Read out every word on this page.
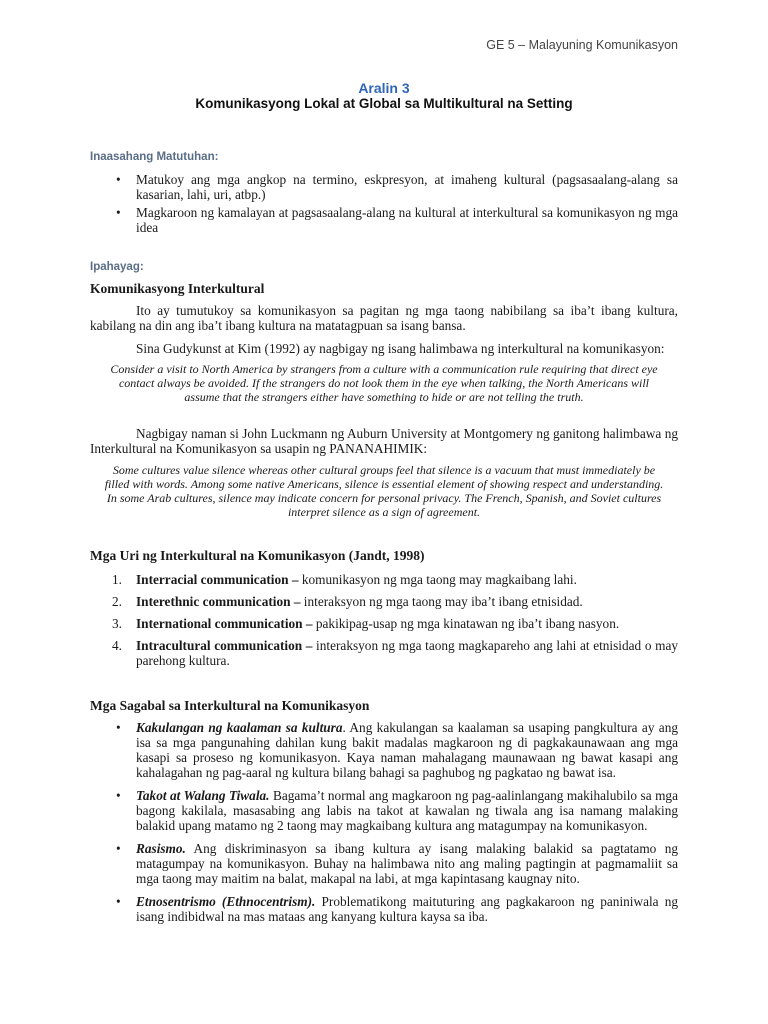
GE 5 – Malayuning Komunikasyon
Aralin 3
Komunikasyong Lokal at Global sa Multikultural na Setting
Inaasahang Matutuhan:
• Matukoy ang mga angkop na termino, eskpresyon, at imaheng kultural (pagsasaalang-alang sa kasarian, lahi, uri, atbp.)
• Magkaroon ng kamalayan at pagsasaalang-alang na kultural at interkultural sa komunikasyon ng mga idea
Ipahayag:
Komunikasyong Interkultural
Ito ay tumutukoy sa komunikasyon sa pagitan ng mga taong nabibilang sa iba’t ibang kultura, kabilang na din ang iba’t ibang kultura na matatagpuan sa isang bansa.
Sina Gudykunst at Kim (1992) ay nagbigay ng isang halimbawa ng interkultural na komunikasyon:
Consider a visit to North America by strangers from a culture with a communication rule requiring that direct eye contact always be avoided. If the strangers do not look them in the eye when talking, the North Americans will assume that the strangers either have something to hide or are not telling the truth.
Nagbigay naman si John Luckmann ng Auburn University at Montgomery ng ganitong halimbawa ng Interkultural na Komunikasyon sa usapin ng PANANAHIMIK:
Some cultures value silence whereas other cultural groups feel that silence is a vacuum that must immediately be filled with words. Among some native Americans, silence is essential element of showing respect and understanding. In some Arab cultures, silence may indicate concern for personal privacy. The French, Spanish, and Soviet cultures interpret silence as a sign of agreement.
Mga Uri ng Interkultural na Komunikasyon (Jandt, 1998)
1. Interracial communication – komunikasyon ng mga taong may magkaibang lahi.
2. Interethnic communication – interaksyon ng mga taong may iba’t ibang etnisidad.
3. International communication – pakikipag-usap ng mga kinatawan ng iba’t ibang nasyon.
4. Intracultural communication – interaksyon ng mga taong magkapareho ang lahi at etnisidad o may parehong kultura.
Mga Sagabal sa Interkultural na Komunikasyon
• Kakulangan ng kaalaman sa kultura. Ang kakulangan sa kaalaman sa usaping pangkultura ay ang isa sa mga pangunahing dahilan kung bakit madalas magkaroon ng di pagkakaunawaan ang mga kasapi sa proseso ng komunikasyon. Kaya naman mahalagang maunawaan ng bawat kasapi ang kahalagahan ng pag-aaral ng kultura bilang bahagi sa paghubog ng pagkatao ng bawat isa.
• Takot at Walang Tiwala. Bagama’t normal ang magkaroon ng pag-aalinlangang makihalubilo sa mga bagong kakilala, masasabing ang labis na takot at kawalan ng tiwala ang isa namang malaking balakid upang matamo ng 2 taong may magkaibang kultura ang matagumpay na komunikasyon.
• Rasismo. Ang diskriminasyon sa ibang kultura ay isang malaking balakid sa pagtatamo ng matagumpay na komunikasyon. Buhay na halimbawa nito ang maling pagtingin at pagmamaliit sa mga taong may maitim na balat, makapal na labi, at mga kapintasang kaugnay nito.
• Etnosentrismo (Ethnocentrism). Problematikong maituturing ang pagkakaroon ng paniniwala ng isang indibidwal na mas mataas ang kanyang kultura kaysa sa iba.
